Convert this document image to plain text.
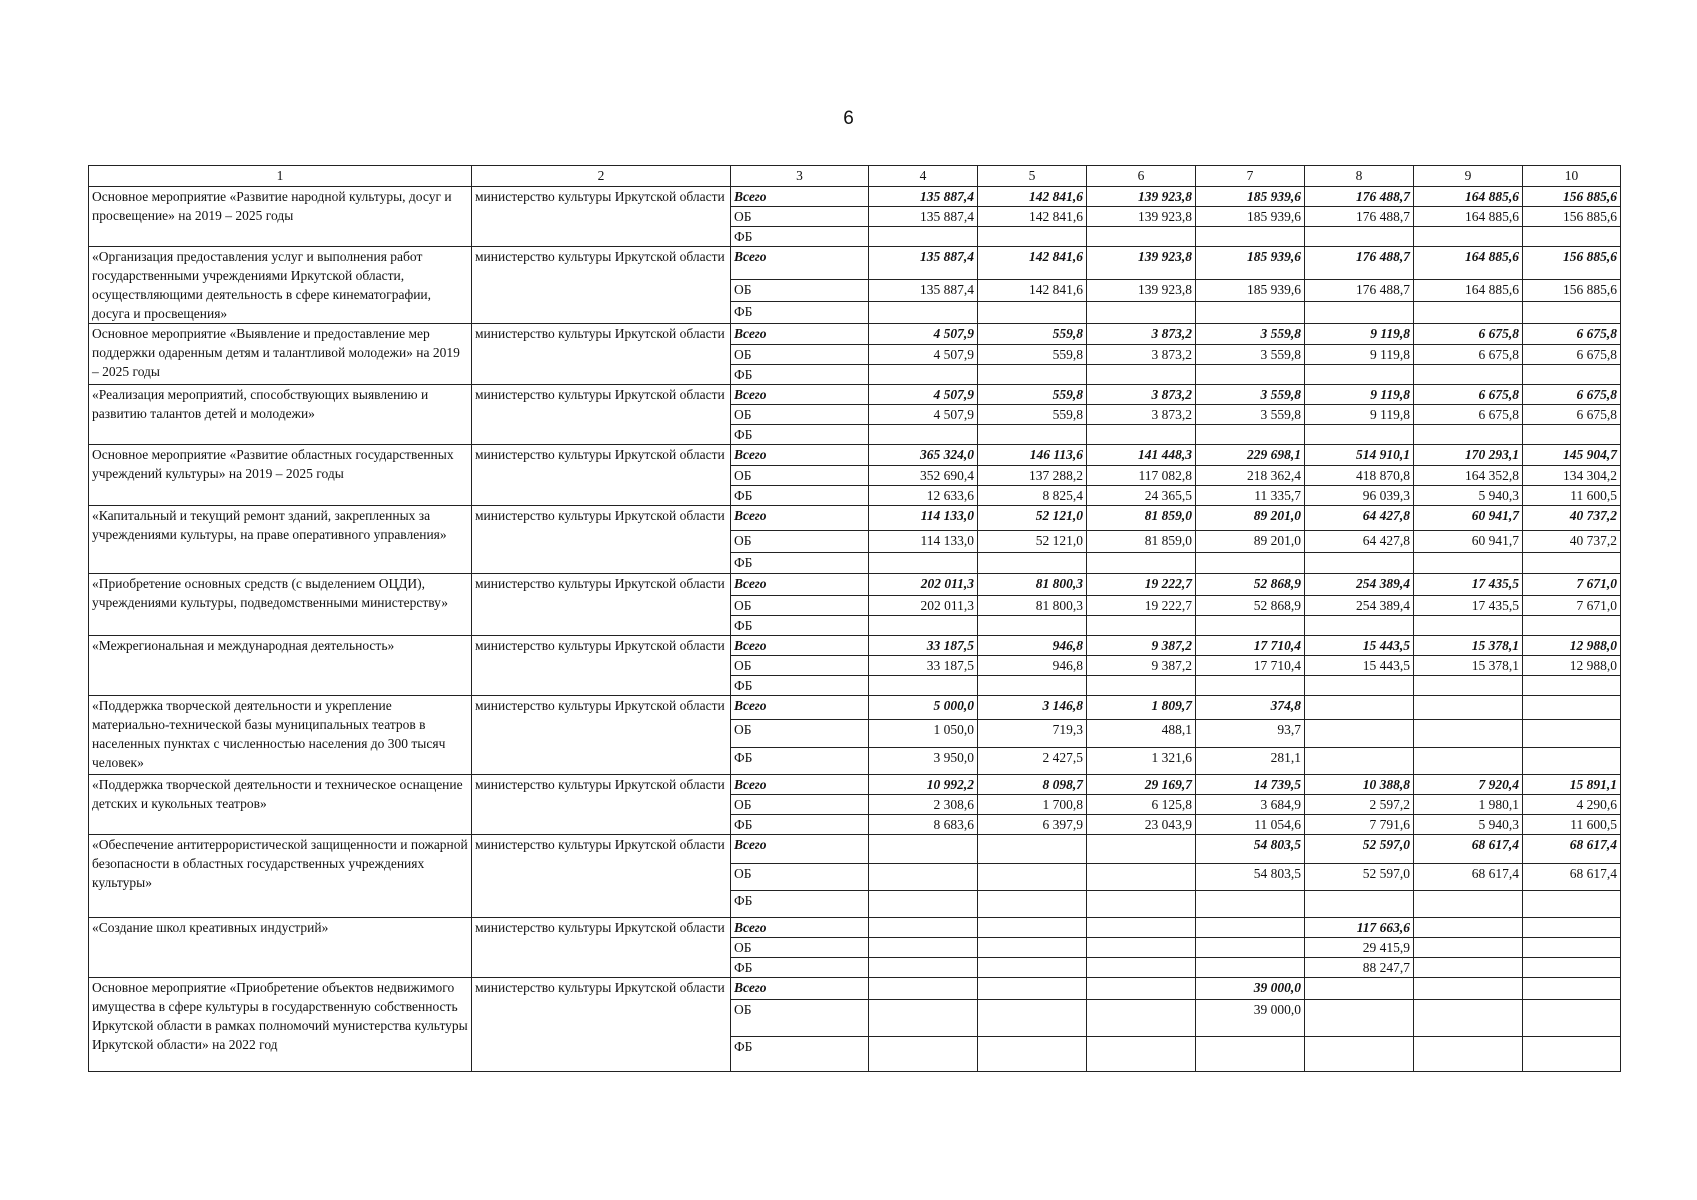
6
1	2	3	4	5	6	7	8	9	10
Основное мероприятие «Развитие народной культуры, досуг и просвещение» на 2019 – 2025 годы	министерство культуры Иркутской области	Всего	135 887,4	142 841,6	139 923,8	185 939,6	176 488,7	164 885,6	156 885,6
		ОБ	135 887,4	142 841,6	139 923,8	185 939,6	176 488,7	164 885,6	156 885,6
		ФБ							
«Организация предоставления услуг и выполнения работ государственными учреждениями Иркутской области, осуществляющими деятельность в сфере кинематографии, досуга и просвещения»	министерство культуры Иркутской области	Всего	135 887,4	142 841,6	139 923,8	185 939,6	176 488,7	164 885,6	156 885,6
		ОБ	135 887,4	142 841,6	139 923,8	185 939,6	176 488,7	164 885,6	156 885,6
		ФБ							
Основное мероприятие «Выявление и предоставление мер поддержки одаренным детям и талантливой молодежи» на 2019 – 2025 годы	министерство культуры Иркутской области	Всего	4 507,9	559,8	3 873,2	3 559,8	9 119,8	6 675,8	6 675,8
		ОБ	4 507,9	559,8	3 873,2	3 559,8	9 119,8	6 675,8	6 675,8
		ФБ							
«Реализация мероприятий, способствующих выявлению и развитию талантов детей и молодежи»	министерство культуры Иркутской области	Всего	4 507,9	559,8	3 873,2	3 559,8	9 119,8	6 675,8	6 675,8
		ОБ	4 507,9	559,8	3 873,2	3 559,8	9 119,8	6 675,8	6 675,8
		ФБ							
Основное мероприятие «Развитие областных государственных учреждений культуры» на 2019 – 2025 годы	министерство культуры Иркутской области	Всего	365 324,0	146 113,6	141 448,3	229 698,1	514 910,1	170 293,1	145 904,7
		ОБ	352 690,4	137 288,2	117 082,8	218 362,4	418 870,8	164 352,8	134 304,2
		ФБ	12 633,6	8 825,4	24 365,5	11 335,7	96 039,3	5 940,3	11 600,5
«Капитальный и текущий ремонт зданий, закрепленных за учреждениями культуры, на праве оперативного управления»	министерство культуры Иркутской области	Всего	114 133,0	52 121,0	81 859,0	89 201,0	64 427,8	60 941,7	40 737,2
		ОБ	114 133,0	52 121,0	81 859,0	89 201,0	64 427,8	60 941,7	40 737,2
		ФБ							
«Приобретение основных средств (с выделением ОЦДИ), учреждениями культуры, подведомственными министерству»	министерство культуры Иркутской области	Всего	202 011,3	81 800,3	19 222,7	52 868,9	254 389,4	17 435,5	7 671,0
		ОБ	202 011,3	81 800,3	19 222,7	52 868,9	254 389,4	17 435,5	7 671,0
		ФБ							
«Межрегиональная и международная деятельность»	министерство культуры Иркутской области	Всего	33 187,5	946,8	9 387,2	17 710,4	15 443,5	15 378,1	12 988,0
		ОБ	33 187,5	946,8	9 387,2	17 710,4	15 443,5	15 378,1	12 988,0
		ФБ							
«Поддержка творческой деятельности и укрепление материально-технической базы муниципальных театров в населенных пунктах с численностью населения до 300 тысяч человек»	министерство культуры Иркутской области	Всего	5 000,0	3 146,8	1 809,7	374,8			
		ОБ	1 050,0	719,3	488,1	93,7			
		ФБ	3 950,0	2 427,5	1 321,6	281,1			
«Поддержка творческой деятельности и техническое оснащение детских и кукольных театров»	министерство культуры Иркутской области	Всего	10 992,2	8 098,7	29 169,7	14 739,5	10 388,8	7 920,4	15 891,1
		ОБ	2 308,6	1 700,8	6 125,8	3 684,9	2 597,2	1 980,1	4 290,6
		ФБ	8 683,6	6 397,9	23 043,9	11 054,6	7 791,6	5 940,3	11 600,5
«Обеспечение антитеррористической защищенности и пожарной безопасности в областных государственных учреждениях культуры»	министерство культуры Иркутской области	Всего				54 803,5	52 597,0	68 617,4	68 617,4
		ОБ				54 803,5	52 597,0	68 617,4	68 617,4
		ФБ							
«Создание школ креативных индустрий»	министерство культуры Иркутской области	Всего					117 663,6		
		ОБ					29 415,9		
		ФБ					88 247,7		
Основное мероприятие «Приобретение объектов недвижимого имущества в сфере культуры в государственную собственность Иркутской области в рамках полномочий мунистерства культуры Иркутской области» на 2022 год	министерство культуры Иркутской области	Всего				39 000,0			
		ОБ				39 000,0			
		ФБ							
